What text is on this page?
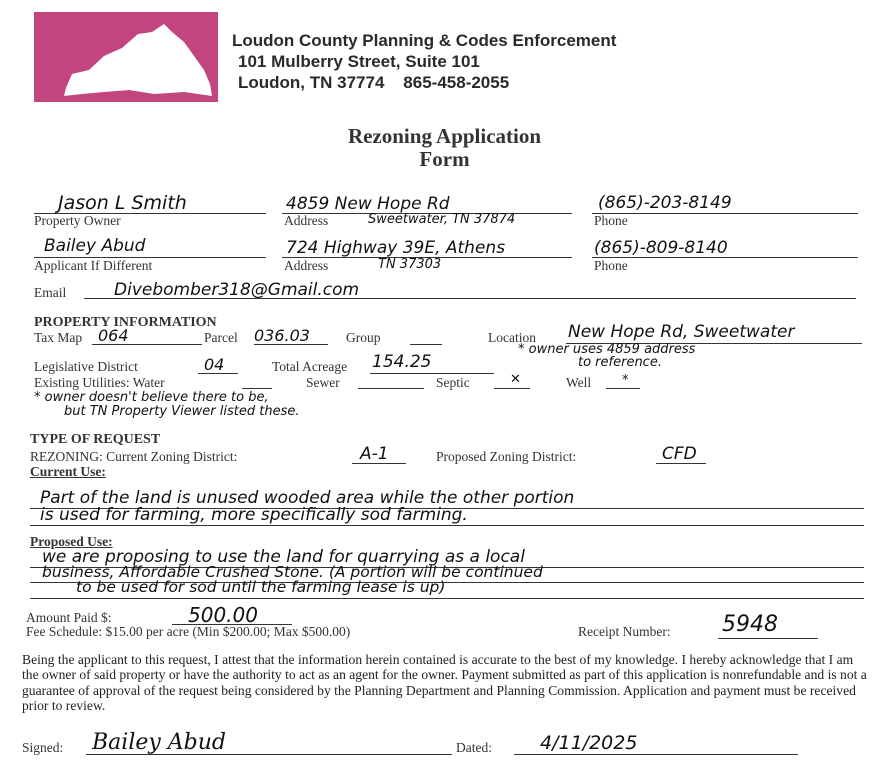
Loudon County Planning & Codes Enforcement
101 Mulberry Street, Suite 101
Loudon, TN 37774    865-458-2055
Rezoning Application
Form
Jason L Smith
Property Owner
4859 New Hope Rd
Address	Sweetwater, TN 37874
(865)-203-8149
Phone
Bailey Abud
Applicant If Different
724 Highway 39E, Athens
Address	TN 37303
(865)-809-8140
Phone
Email	Divebomber318@Gmail.com
PROPERTY INFORMATION
Tax Map 064	Parcel 036.03	Group	Location New Hope Rd, Sweetwater
* owner uses 4859 address
to reference.
Legislative District	04	Total Acreage 154.25
Existing Utilities: Water	Sewer	Septic	✕	Well *
* owner doesn't believe there to be,
but TN Property Viewer listed these.
TYPE OF REQUEST
REZONING: Current Zoning District:	A-1	Proposed Zoning District:	CFD
Current Use:
Part of the land is unused wooded area while the other portion
is used for farming, more specifically sod farming.
Proposed Use:
we are proposing to use the land for quarrying as a local
business, Affordable Crushed Stone. (A portion will be continued
to be used for sod until the farming lease is up)
Amount Paid $:	500.00
Fee Schedule: $15.00 per acre (Min $200.00; Max $500.00)	Receipt Number: 5948
Being the applicant to this request, I attest that the information herein contained is accurate to the best of my knowledge. I hereby acknowledge that I am the owner of said property or have the authority to act as an agent for the owner. Payment submitted as part of this application is nonrefundable and is not a guarantee of approval of the request being considered by the Planning Department and Planning Commission. Application and payment must be received prior to review.
Signed: Bailey Abud	Dated:	4/11/2025
